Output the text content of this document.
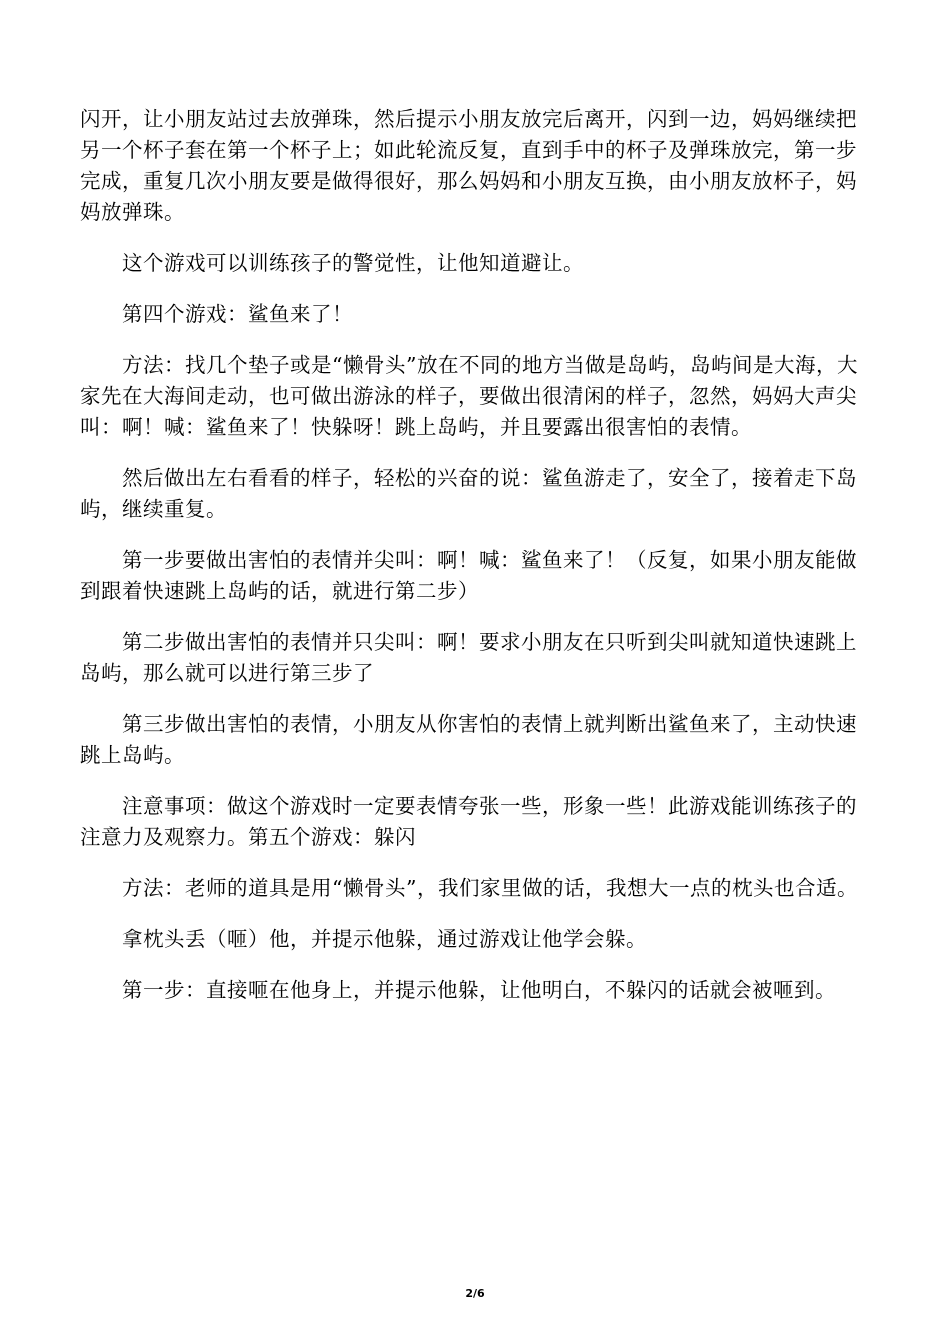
闪开，让小朋友站过去放弹珠，然后提示小朋友放完后离开，闪到一边，妈妈继续把另一个杯子套在第一个杯子上；如此轮流反复，直到手中的杯子及弹珠放完，第一步完成，重复几次小朋友要是做得很好，那么妈妈和小朋友互换，由小朋友放杯子，妈妈放弹珠。

这个游戏可以训练孩子的警觉性，让他知道避让。

第四个游戏：鲨鱼来了！

方法：找几个垫子或是“懒骨头”放在不同的地方当做是岛屿，岛屿间是大海，大家先在大海间走动，也可做出游泳的样子，要做出很清闲的样子，忽然，妈妈大声尖叫：啊！喊：鲨鱼来了！快躲呀！跳上岛屿，并且要露出很害怕的表情。

然后做出左右看看的样子，轻松的兴奋的说：鲨鱼游走了，安全了，接着走下岛屿，继续重复。

第一步要做出害怕的表情并尖叫：啊！喊：鲨鱼来了！（反复，如果小朋友能做到跟着快速跳上岛屿的话，就进行第二步）

第二步做出害怕的表情并只尖叫：啊！要求小朋友在只听到尖叫就知道快速跳上岛屿，那么就可以进行第三步了

第三步做出害怕的表情，小朋友从你害怕的表情上就判断出鲨鱼来了，主动快速跳上岛屿。

注意事项：做这个游戏时一定要表情夸张一些，形象一些！此游戏能训练孩子的注意力及观察力。第五个游戏：躲闪

方法：老师的道具是用“懒骨头”，我们家里做的话，我想大一点的枕头也合适。

拿枕头丢（咂）他，并提示他躲，通过游戏让他学会躲。

第一步：直接咂在他身上，并提示他躲，让他明白，不躲闪的话就会被咂到。

2/6
